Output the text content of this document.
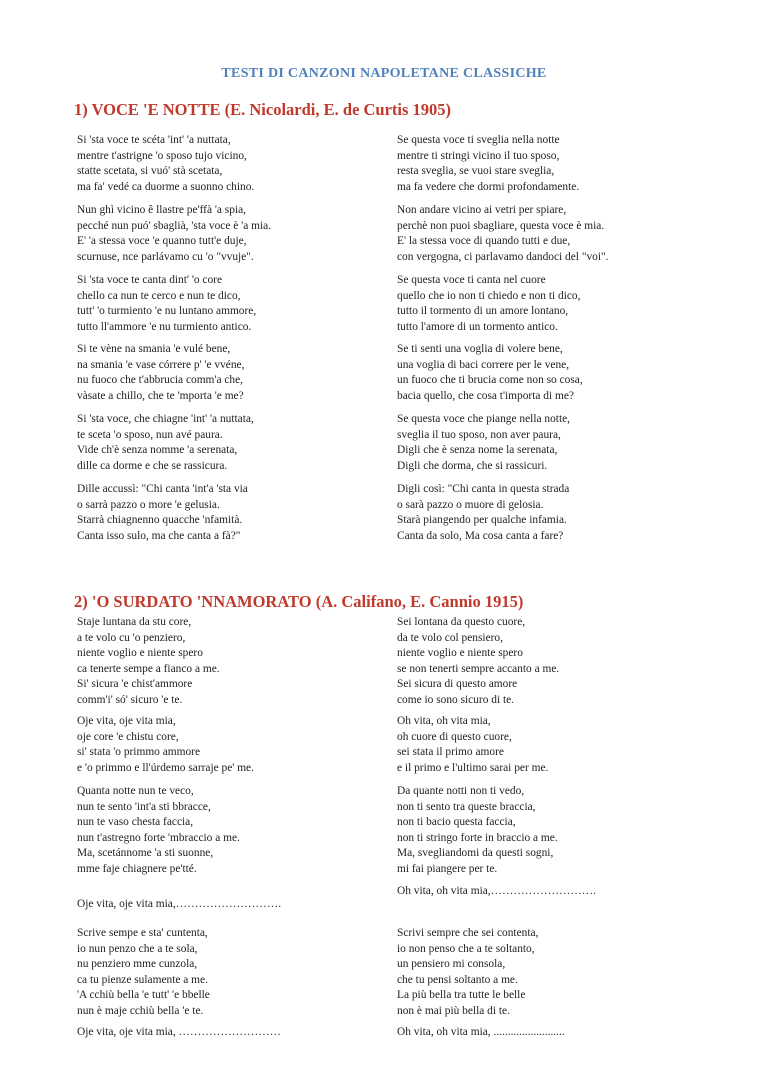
TESTI DI CANZONI NAPOLETANE CLASSICHE
1) VOCE 'E NOTTE (E. Nicolardi, E. de Curtis 1905)

Si 'sta voce te scéta 'int' 'a nuttata,
mentre t'astrigne 'o sposo tujo vicino,
statte scetata, si vuó' stà scetata,
ma fa' vedé ca duorme a suonno chino.

Nun ghì vicino ê llastre pe'ffà 'a spia,
pecché nun puó' sbaglià, 'sta voce è 'a mia.
E' 'a stessa voce 'e quanno tutt'e duje,
scurnuse, nce parlávamo cu 'o "vvuje".

Si 'sta voce te canta dint' 'o core
chello ca nun te cerco e nun te dico,
tutt' 'o turmiento 'e nu luntano ammore,
tutto ll'ammore 'e nu turmiento antico.

Si te vène na smania 'e vulé bene,
na smania 'e vase córrere p' 'e vvéne,
nu fuoco che t'abbrucia comm'a che,
vàsate a chillo, che te 'mporta 'e me?

Si 'sta voce, che chiagne 'int' 'a nuttata,
te sceta 'o sposo, nun avé paura.
Vide ch'è senza nomme 'a serenata,
dille ca dorme e che se rassicura.

Dille accussì: "Chi canta 'int'a 'sta via
o sarrà pazzo o more 'e gelusia.
Starrà chiagnenno quacche 'nfamità.
Canta isso sulo, ma che canta a fà?"

Se questa voce ti sveglia nella notte
mentre ti stringi vicino il tuo sposo,
resta sveglia, se vuoi stare sveglia,
ma fa vedere che dormi profondamente.

Non andare vicino ai vetri per spiare,
perchè non puoi sbagliare, questa voce è mia.
E' la stessa voce di quando tutti e due,
con vergogna, ci parlavamo dandoci del "voi".

Se questa voce ti canta nel cuore
quello che io non ti chiedo e non ti dico,
tutto il tormento di un amore lontano,
tutto l'amore di un tormento antico.

Se ti senti una voglia di volere bene,
una voglia di baci correre per le vene,
un fuoco che ti brucia come non so cosa,
bacia quello, che cosa t'importa di me?

Se questa voce che piange nella notte,
sveglia il tuo sposo, non aver paura,
Digli che è senza nome la serenata,
Digli che dorma, che si rassicuri.

Digli così: "Chi canta in questa strada
o sarà pazzo o muore di gelosia.
Starà piangendo per qualche infamia.
Canta da solo, Ma cosa canta a fare?

2) 'O SURDATO 'NNAMORATO (A. Califano, E. Cannio 1915)

Staje luntana da stu core,
a te volo cu 'o penziero,
niente voglio e niente spero
ca tenerte sempe a fianco a me.
Si' sicura 'e chist'ammore
comm'i' só' sicuro 'e te.

Oje vita, oje vita mia,
oje core 'e chistu core,
si' stata 'o primmo ammore
e 'o primmo e ll'úrdemo sarraje pe' me.

Quanta notte nun te veco,
nun te sento 'int'a sti bbracce,
nun te vaso chesta faccia,
nun t'astregno forte 'mbraccio a me.
Ma, scetánnome 'a sti suonne,
mme faje chiagnere pe'tté.

Oje vita, oje vita mia,……………………….

Scrive sempe e sta' cuntenta,
io nun penzo che a te sola,
nu penziero mme cunzola,
ca tu pienze sulamente a me.
'A cchiù bella 'e tutt' 'e bbelle
nun è maje cchiù bella 'e te.

Oje vita, oje vita mia, ………………………

Sei lontana da questo cuore,
da te volo col pensiero,
niente voglio e niente spero
se non tenerti sempre accanto a me.
Sei sicura di questo amore
come io sono sicuro di te.

Oh vita, oh vita mia,
oh cuore di questo cuore,
sei stata il primo amore
e il primo e l'ultimo sarai per me.

Da quante notti non ti vedo,
non ti sento tra queste braccia,
non ti bacio questa faccia,
non ti stringo forte in braccio a me.
Ma, svegliandomi da questi sogni,
mi fai piangere per te.

Oh vita, oh vita mia,……………………….

Scrivi sempre che sei contenta,
io non penso che a te soltanto,
un pensiero mi consola,
che tu pensi soltanto a me.
La più bella tra tutte le belle
non è mai più bella di te.

Oh vita, oh vita mia, .........................
